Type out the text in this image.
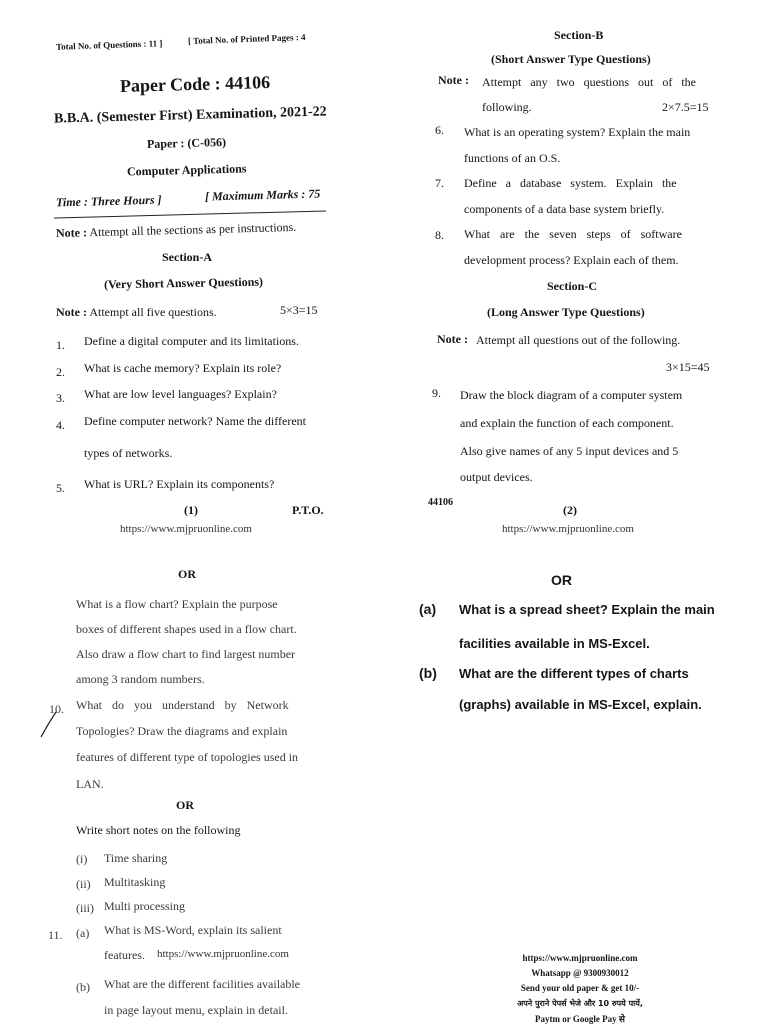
Total No. of Questions : 11 ]	[ Total No. of Printed Pages : 4
Paper Code : 44106
B.B.A. (Semester First) Examination, 2021-22
Paper : (C-056)
Computer Applications
Time : Three Hours ]	[ Maximum Marks : 75
Note : Attempt all the sections as per instructions.
Section-A
(Very Short Answer Questions)
Note : Attempt all five questions.	5×3=15
1. Define a digital computer and its limitations.
2. What is cache memory? Explain its role?
3. What are low level languages? Explain?
4. Define computer network? Name the different
types of networks.
5. What is URL? Explain its components?
(1)	P.T.O.
https://www.mjpruonline.com
Section-B
(Short Answer Type Questions)
Note : Attempt any two questions out of the
following.	2×7.5=15
6. What is an operating system? Explain the main
functions of an O.S.
7. Define a database system. Explain the
components of a data base system briefly.
8. What are the seven steps of software
development process? Explain each of them.
Section-C
(Long Answer Type Questions)
Note : Attempt all questions out of the following.
3×15=45
9. Draw the block diagram of a computer system
and explain the function of each component.
Also give names of any 5 input devices and 5
output devices.
44106
(2)
https://www.mjpruonline.com
OR
What is a flow chart? Explain the purpose
boxes of different shapes used in a flow chart.
Also draw a flow chart to find largest number
among 3 random numbers.
10. What do you understand by Network
Topologies? Draw the diagrams and explain
features of different type of topologies used in
LAN.
OR
Write short notes on the following
(i) Time sharing
(ii) Multitasking
(iii) Multi processing
11. (a) What is MS-Word, explain its salient
features. https://www.mjpruonline.com
(b) What are the different facilities available
in page layout menu, explain in detail.
OR
(a) What is a spread sheet? Explain the main
facilities available in MS-Excel.
(b) What are the different types of charts
(graphs) available in MS-Excel, explain.
https://www.mjpruonline.com
Whatsapp @ 9300930012
Send your old paper & get 10/-
अपने पुराने पेपर्स भेजे और 10 रुपये पायें,
Paytm or Google Pay से
